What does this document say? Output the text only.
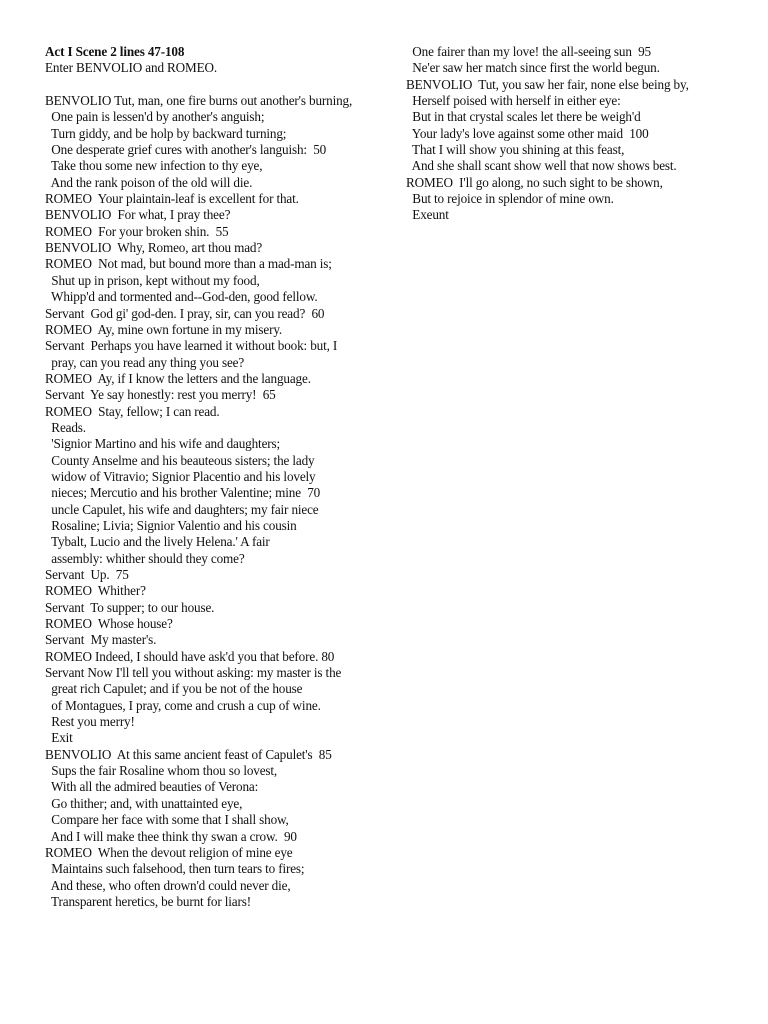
Act I Scene 2 lines 47-108
Enter BENVOLIO and ROMEO.
BENVOLIO Tut, man, one fire burns out another's burning,
One pain is lessen'd by another's anguish;
Turn giddy, and be holp by backward turning;
One desperate grief cures with another's languish:  50
Take thou some new infection to thy eye,
And the rank poison of the old will die.
ROMEO  Your plaintain-leaf is excellent for that.
BENVOLIO  For what, I pray thee?
ROMEO  For your broken shin.  55
BENVOLIO  Why, Romeo, art thou mad?
ROMEO  Not mad, but bound more than a mad-man is;
Shut up in prison, kept without my food,
Whipp'd and tormented and--God-den, good fellow.
Servant  God gi' god-den. I pray, sir, can you read?  60
ROMEO  Ay, mine own fortune in my misery.
Servant  Perhaps you have learned it without book: but, I
pray, can you read any thing you see?
ROMEO  Ay, if I know the letters and the language.
Servant  Ye say honestly: rest you merry!  65
ROMEO  Stay, fellow; I can read.
Reads.
'Signior Martino and his wife and daughters;
County Anselme and his beauteous sisters; the lady
widow of Vitravio; Signior Placentio and his lovely
nieces; Mercutio and his brother Valentine; mine  70
uncle Capulet, his wife and daughters; my fair niece
Rosaline; Livia; Signior Valentio and his cousin
Tybalt, Lucio and the lively Helena.' A fair
assembly: whither should they come?
Servant  Up.  75
ROMEO  Whither?
Servant  To supper; to our house.
ROMEO  Whose house?
Servant  My master's.
ROMEO Indeed, I should have ask'd you that before. 80
Servant Now I'll tell you without asking: my master is the
great rich Capulet; and if you be not of the house
of Montagues, I pray, come and crush a cup of wine.
Rest you merry!
Exit
BENVOLIO  At this same ancient feast of Capulet's  85
Sups the fair Rosaline whom thou so lovest,
With all the admired beauties of Verona:
Go thither; and, with unattainted eye,
Compare her face with some that I shall show,
And I will make thee think thy swan a crow.  90
ROMEO  When the devout religion of mine eye
Maintains such falsehood, then turn tears to fires;
And these, who often drown'd could never die,
Transparent heretics, be burnt for liars!
One fairer than my love! the all-seeing sun  95
Ne'er saw her match since first the world begun.
BENVOLIO  Tut, you saw her fair, none else being by,
Herself poised with herself in either eye:
But in that crystal scales let there be weigh'd
Your lady's love against some other maid  100
That I will show you shining at this feast,
And she shall scant show well that now shows best.
ROMEO  I'll go along, no such sight to be shown,
But to rejoice in splendor of mine own.
Exeunt
